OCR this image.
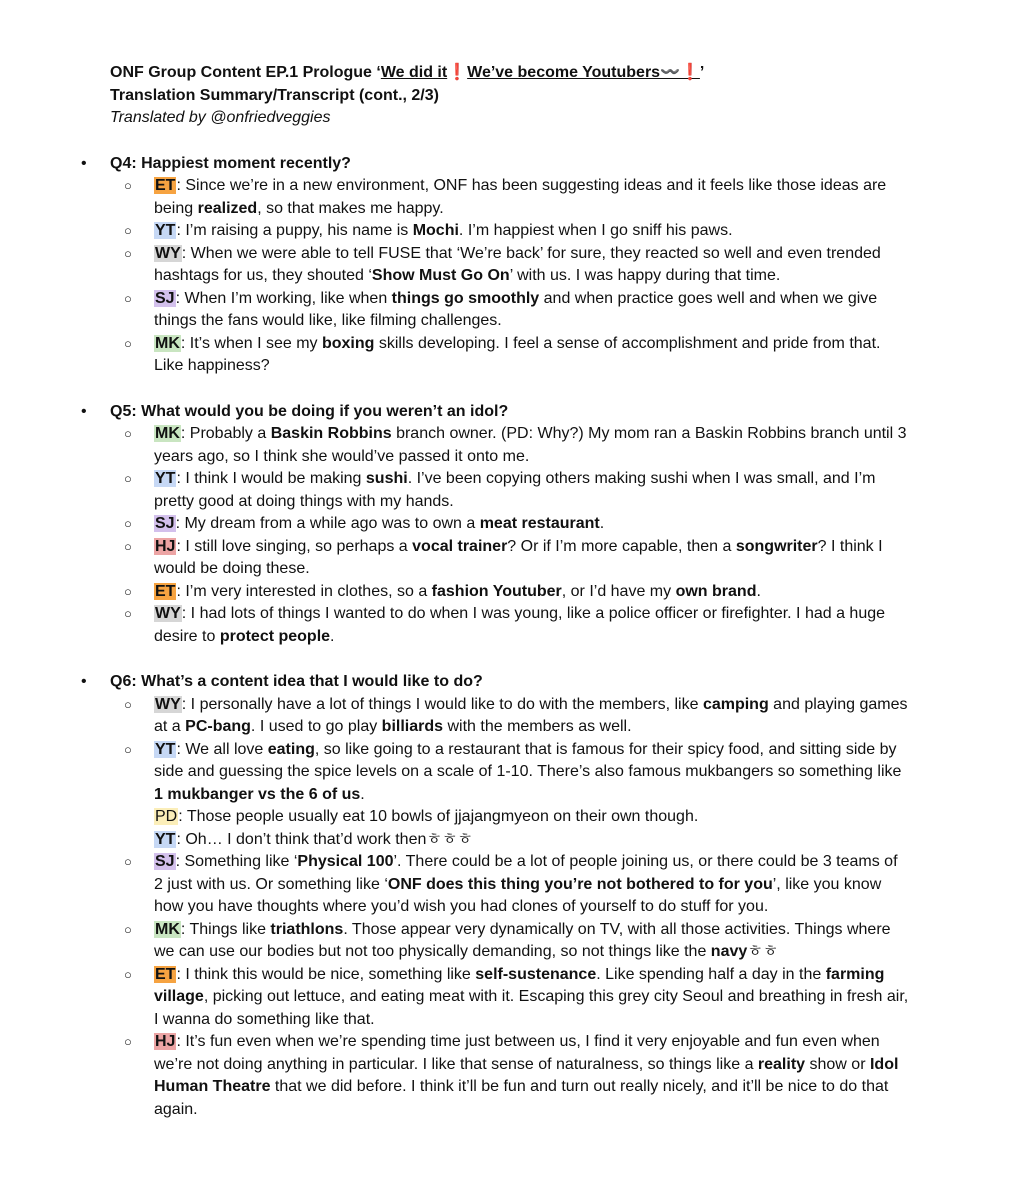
ONF Group Content EP.1 Prologue ‘We did it❗We’ve become Youtubers〰️❗’
Translation Summary/Transcript (cont., 2/3)
Translated by @onfriedveggies
• Q4: Happiest moment recently?
○ ET: Since we’re in a new environment, ONF has been suggesting ideas and it feels like those ideas are being realized, so that makes me happy.
○ YT: I’m raising a puppy, his name is Mochi. I’m happiest when I go sniff his paws.
○ WY: When we were able to tell FUSE that ‘We’re back’ for sure, they reacted so well and even trended hashtags for us, they shouted ‘Show Must Go On’ with us. I was happy during that time.
○ SJ: When I’m working, like when things go smoothly and when practice goes well and when we give things the fans would like, like filming challenges.
○ MK: It’s when I see my boxing skills developing. I feel a sense of accomplishment and pride from that. Like happiness?
• Q5: What would you be doing if you weren’t an idol?
○ MK: Probably a Baskin Robbins branch owner. (PD: Why?) My mom ran a Baskin Robbins branch until 3 years ago, so I think she would’ve passed it onto me.
○ YT: I think I would be making sushi. I’ve been copying others making sushi when I was small, and I’m pretty good at doing things with my hands.
○ SJ: My dream from a while ago was to own a meat restaurant.
○ HJ: I still love singing, so perhaps a vocal trainer? Or if I’m more capable, then a songwriter? I think I would be doing these.
○ ET: I’m very interested in clothes, so a fashion Youtuber, or I’d have my own brand.
○ WY: I had lots of things I wanted to do when I was young, like a police officer or firefighter. I had a huge desire to protect people.
• Q6: What’s a content idea that I would like to do?
○ WY: I personally have a lot of things I would like to do with the members, like camping and playing games at a PC-bang. I used to go play billiards with the members as well.
○ YT: We all love eating, so like going to a restaurant that is famous for their spicy food, and sitting side by side and guessing the spice levels on a scale of 1-10. There’s also famous mukbangers so something like 1 mukbanger vs the 6 of us.
PD: Those people usually eat 10 bowls of jjajangmyeon on their own though.
YT: Oh… I don’t think that’d work thenㅎㅎㅎ
○ SJ: Something like ‘Physical 100’. There could be a lot of people joining us, or there could be 3 teams of 2 just with us. Or something like ‘ONF does this thing you’re not bothered to for you’, like you know how you have thoughts where you’d wish you had clones of yourself to do stuff for you.
○ MK: Things like triathlons. Those appear very dynamically on TV, with all those activities. Things where we can use our bodies but not too physically demanding, so not things like the navyㅎㅎ
○ ET: I think this would be nice, something like self-sustenance. Like spending half a day in the farming village, picking out lettuce, and eating meat with it. Escaping this grey city Seoul and breathing in fresh air, I wanna do something like that.
○ HJ: It’s fun even when we’re spending time just between us, I find it very enjoyable and fun even when we’re not doing anything in particular. I like that sense of naturalness, so things like a reality show or Idol Human Theatre that we did before. I think it’ll be fun and turn out really nicely, and it’ll be nice to do that again.
